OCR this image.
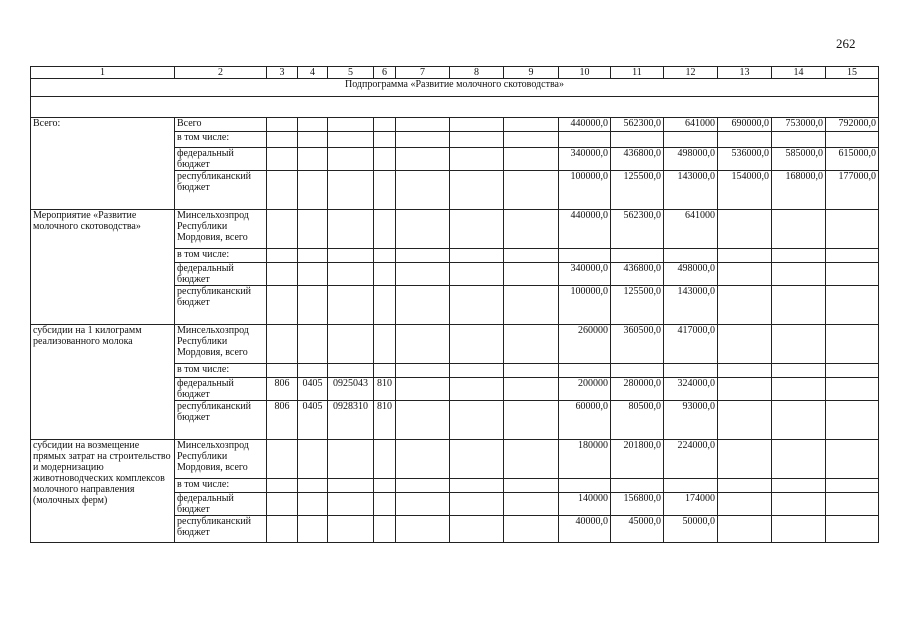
262
1	2	3	4	5	6	7	8	9	10	11	12	13	14	15
Подпрограмма «Развитие молочного скотоводства»														

Всего:	Всего								440000,0	562300,0	641000	690000,0	753000,0	792000,0
	в том числе:													
	федеральный бюджет								340000,0	436800,0	498000,0	536000,0	585000,0	615000,0
	республиканский бюджет								100000,0	125500,0	143000,0	154000,0	168000,0	177000,0
Мероприятие «Развитие молочного скотоводства»	Минсельхозпрод Республики Мордовия, всего								440000,0	562300,0	641000			
	в том числе:													
	федеральный бюджет								340000,0	436800,0	498000,0			
	республиканский бюджет								100000,0	125500,0	143000,0			
субсидии на 1 килограмм реализованного молока	Минсельхозпрод Республики Мордовия, всего								260000	360500,0	417000,0			
	в том числе:													
	федеральный бюджет	806	0405	0925043	810				200000	280000,0	324000,0			
	республиканский бюджет	806	0405	0928310	810				60000,0	80500,0	93000,0			
субсидии на возмещение прямых затрат на строительство и модернизацию животноводческих комплексов молочного направления (молочных ферм)	Минсельхозпрод Республики Мордовия, всего								180000	201800,0	224000,0			
	в том числе:													
	федеральный бюджет								140000	156800,0	174000			
	республиканский бюджет								40000,0	45000,0	50000,0			
